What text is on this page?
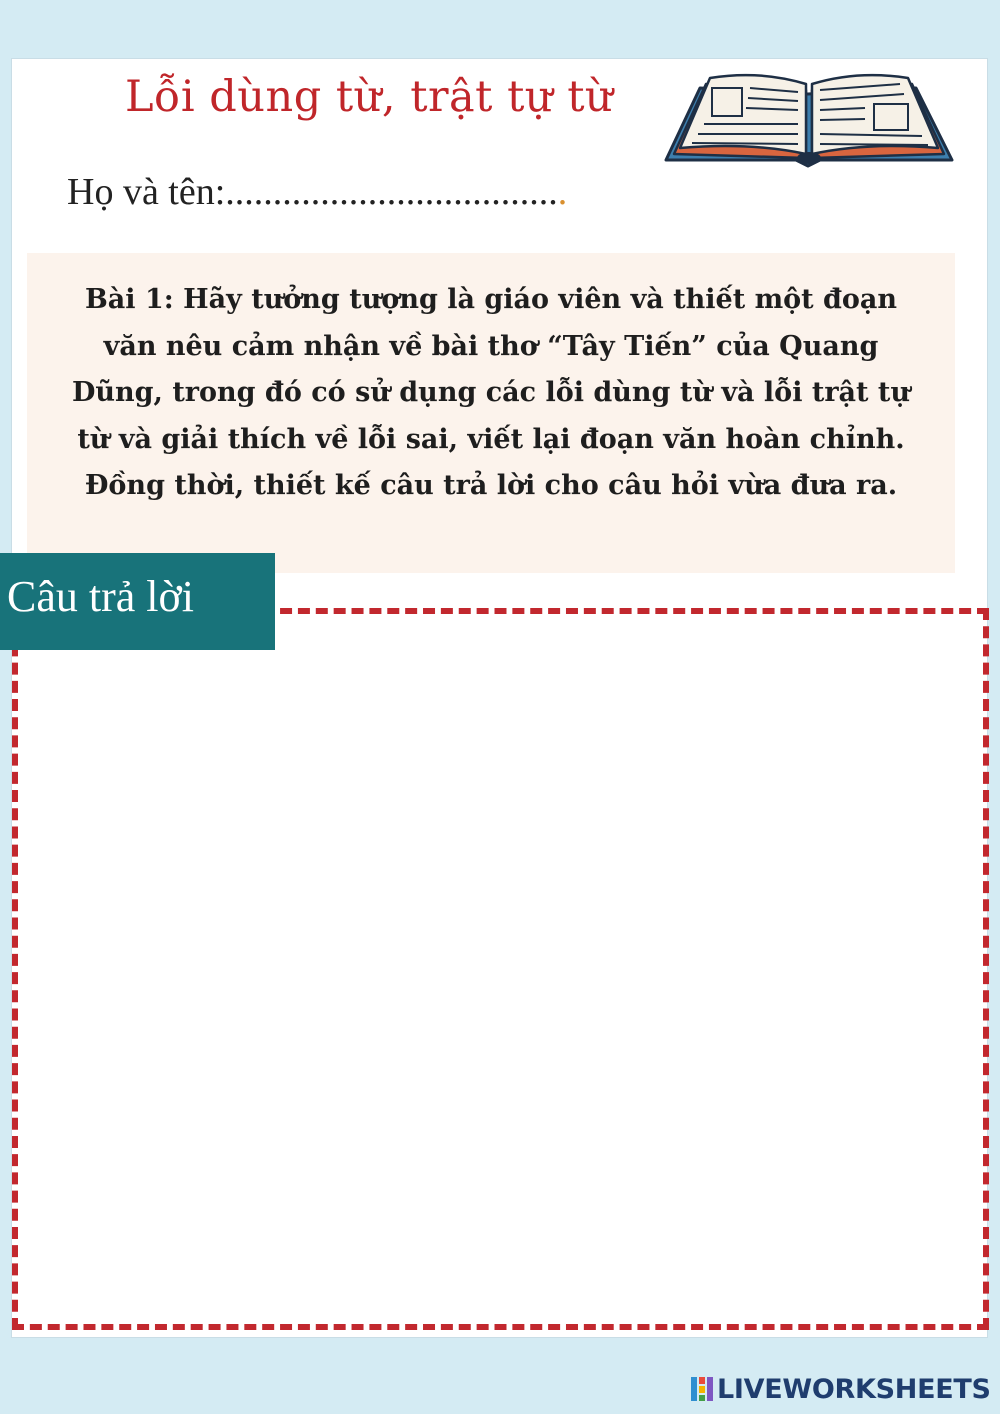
Lỗi dùng từ, trật tự từ
Họ và tên:....................................

Bài 1: Hãy tưởng tượng là giáo viên và thiết một đoạn văn nêu cảm nhận về bài thơ “Tây Tiến” của Quang Dũng, trong đó có sử dụng các lỗi dùng từ và lỗi trật tự từ và giải thích về lỗi sai, viết lại đoạn văn hoàn chỉnh. Đồng thời, thiết kế câu trả lời cho câu hỏi vừa đưa ra.

Câu trả lời
LIVEWORKSHEETS
